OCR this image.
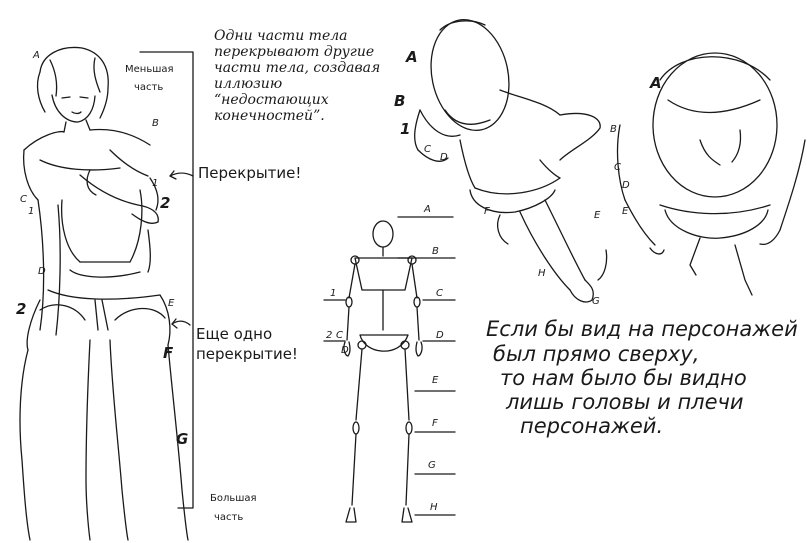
Одни части тела
перекрывают другие
части тела, создавая
иллюзию
“недостающих
конечностей”.
Перекрытие!
Еще одно
перекрытие!
Меньшая
часть
Большая
часть
A
B
C
1
1
2
D
2	E
F
G
A
B
1	C
2 C	D
D
E
F
G
H
A
B
1
C
D
E
F
G
H
A
B
C
D
E
Если бы вид на персонажей
был прямо сверху,
то нам было бы видно
лишь головы и плечи
персонажей.
